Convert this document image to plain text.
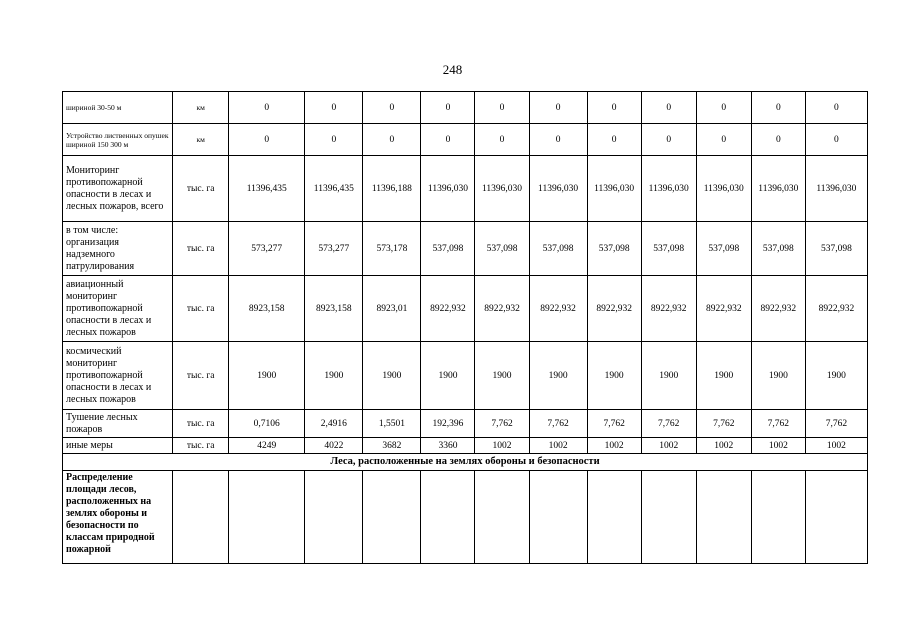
248
шириной 30-50 м	км	0	0	0	0	0	0	0	0	0	0	0
Устройство лиственных опушек шириной 150 300 м	км	0	0	0	0	0	0	0	0	0	0	0
Мониторинг противопожарной опасности в лесах и лесных пожаров, всего	тыс. га	11396,435	11396,435	11396,188	11396,030	11396,030	11396,030	11396,030	11396,030	11396,030	11396,030	11396,030
в том числе: организация надземного патрулирования	тыс. га	573,277	573,277	573,178	537,098	537,098	537,098	537,098	537,098	537,098	537,098	537,098
авиационный мониторинг противопожарной опасности в лесах и лесных пожаров	тыс. га	8923,158	8923,158	8923,01	8922,932	8922,932	8922,932	8922,932	8922,932	8922,932	8922,932	8922,932
космический мониторинг противопожарной опасности в лесах и лесных пожаров	тыс. га	1900	1900	1900	1900	1900	1900	1900	1900	1900	1900	1900
Тушение лесных пожаров	тыс. га	0,7106	2,4916	1,5501	192,396	7,762	7,762	7,762	7,762	7,762	7,762	7,762
иные меры	тыс. га	4249	4022	3682	3360	1002	1002	1002	1002	1002	1002	1002
Леса, расположенные на землях обороны и безопасности												
Распределение площади лесов, расположенных на землях обороны и безопасности по классам природной пожарной												
